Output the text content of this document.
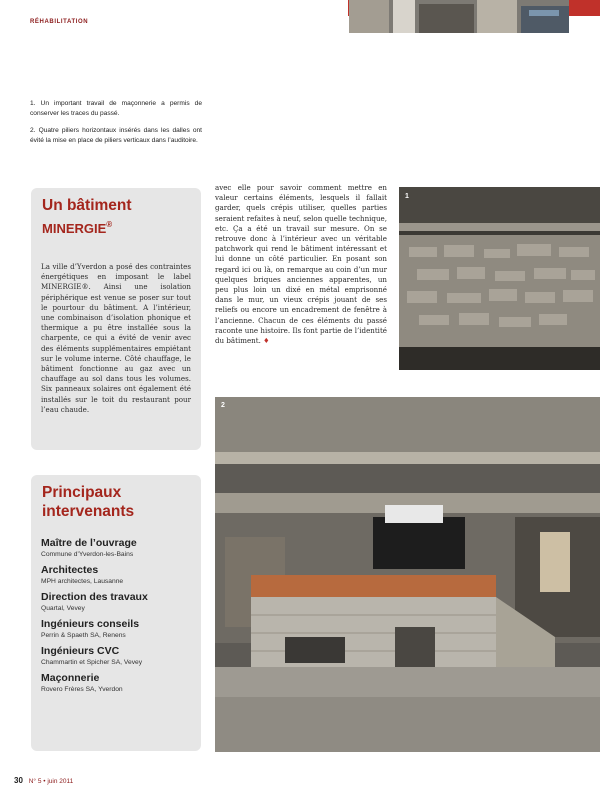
RÉHABILITATION

1. Un important travail de maçonnerie a permis de conserver les traces du passé.

2. Quatre piliers horizontaux insérés dans les dalles ont évité la mise en place de piliers verticaux dans l’auditoire.

Un bâtiment
MINERGIE®
La ville d’Yverdon a posé des contraintes énergétiques en imposant le label MINERGIE®. Ainsi une isolation périphérique est venue se poser sur tout le pourtour du bâtiment. A l’intérieur, une combinaison d’isolation phonique et thermique a pu être installée sous la charpente, ce qui a évité de venir avec des éléments supplémentaires empiétant sur le volume interne. Côté chauffage, le bâtiment fonctionne au gaz avec un chauffage au sol dans tous les volumes. Six panneaux solaires ont également été installés sur le toit du restaurant pour l’eau chaude.
Principaux
intervenants
Maître de l’ouvrage
Commune d’Yverdon-les-Bains
Architectes
MPH architectes, Lausanne
Direction des travaux
Quartal, Vevey
Ingénieurs conseils
Perrin & Spaeth SA, Renens
Ingénieurs CVC
Chammartin et Spicher SA, Vevey
Maçonnerie
Rovero Frères SA, Yverdon
avec elle pour savoir comment mettre en valeur certains éléments, lesquels il fallait garder, quels crépis utiliser, quelles parties seraient refaites à neuf, selon quelle technique, etc. Ça a été un travail sur mesure. On se retrouve donc à l’intérieur avec un véritable patchwork qui rend le bâtiment intéressant et lui donne un côté particulier. En posant son regard ici ou là, on remarque au coin d’un mur quelques briques anciennes apparentes, un peu plus loin un dixé en métal emprisonné dans le mur, un vieux crépis jouant de ses reliefs ou encore un encadrement de fenêtre à l’ancienne. Chacun de ces éléments du passé raconte une histoire. Ils font partie de l’identité du bâtiment. ♦
1
2
30 N° 5 • juin 2011
